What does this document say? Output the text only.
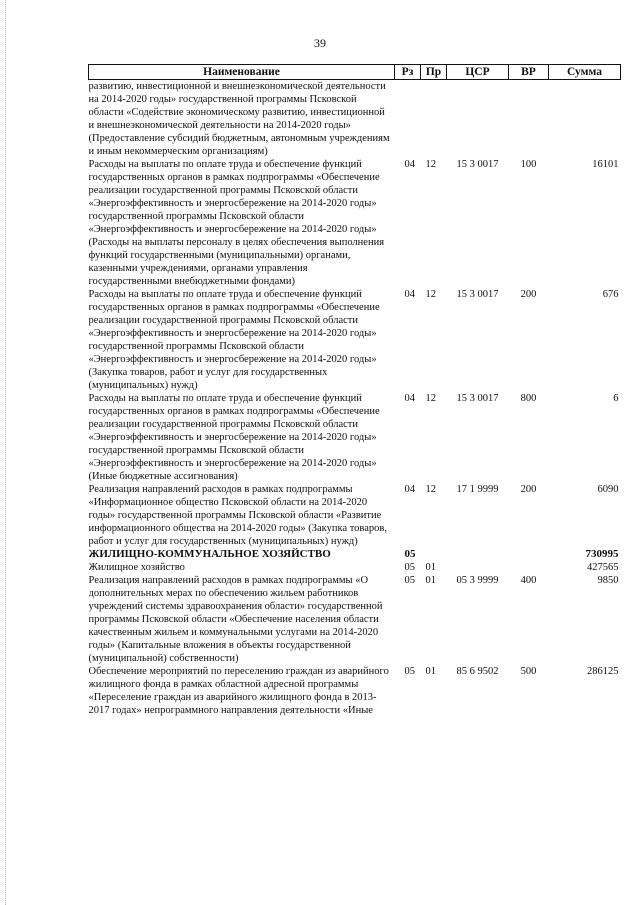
39
Наименование	Рз	Пр	ЦСР	ВР	Сумма
развитию, инвестиционной и внешнеэкономической деятельности на 2014-2020 годы» государственной программы Псковской области «Содействие экономическому развитию, инвестиционной и внешнеэкономической деятельности на 2014-2020 годы» (Предоставление субсидий бюджетным, автономным учреждениям и иным некоммерческим организациям)					
Расходы на выплаты по оплате труда и обеспечение функций государственных органов в рамках подпрограммы «Обеспечение реализации государственной программы Псковской области «Энергоэффективность и энергосбережение на 2014-2020 годы» государственной программы Псковской области «Энергоэффективность и энергосбережение на 2014-2020 годы» (Расходы на выплаты персоналу в целях обеспечения выполнения функций государственными (муниципальными) органами, казенными учреждениями, органами управления государственными внебюджетными фондами)	04	12	15 3 0017	100	16101
Расходы на выплаты по оплате труда и обеспечение функций государственных органов в рамках подпрограммы «Обеспечение реализации государственной программы Псковской области «Энергоэффективность и энергосбережение на 2014-2020 годы» государственной программы Псковской области «Энергоэффективность и энергосбережение на 2014-2020 годы» (Закупка товаров, работ и услуг для государственных (муниципальных) нужд)	04	12	15 3 0017	200	676
Расходы на выплаты по оплате труда и обеспечение функций государственных органов в рамках подпрограммы «Обеспечение реализации государственной программы Псковской области «Энергоэффективность и энергосбережение на 2014-2020 годы» государственной программы Псковской области «Энергоэффективность и энергосбережение на 2014-2020 годы» (Иные бюджетные ассигнования)	04	12	15 3 0017	800	6
Реализация направлений расходов в рамках подпрограммы «Информационное общество Псковской области на 2014-2020 годы» государственной программы Псковской области «Развитие информационного общества на 2014-2020 годы» (Закупка товаров, работ и услуг для государственных (муниципальных) нужд)	04	12	17 1 9999	200	6090
ЖИЛИЩНО-КОММУНАЛЬНОЕ ХОЗЯЙСТВО	05				730995
Жилищное хозяйство	05	01			427565
Реализация направлений расходов в рамках подпрограммы «О дополнительных мерах по обеспечению жильем работников учреждений системы здравоохранения области» государственной программы Псковской области «Обеспечение населения области качественным жильем и коммунальными услугами на 2014-2020 годы» (Капитальные вложения в объекты государственной (муниципальной) собственности)	05	01	05 3 9999	400	9850
Обеспечение мероприятий по переселению граждан из аварийного жилищного фонда в рамках областной адресной программы «Переселение граждан из аварийного жилищного фонда в 2013-2017 годах» непрограммного направления деятельности «Иные	05	01	85 6 9502	500	286125
